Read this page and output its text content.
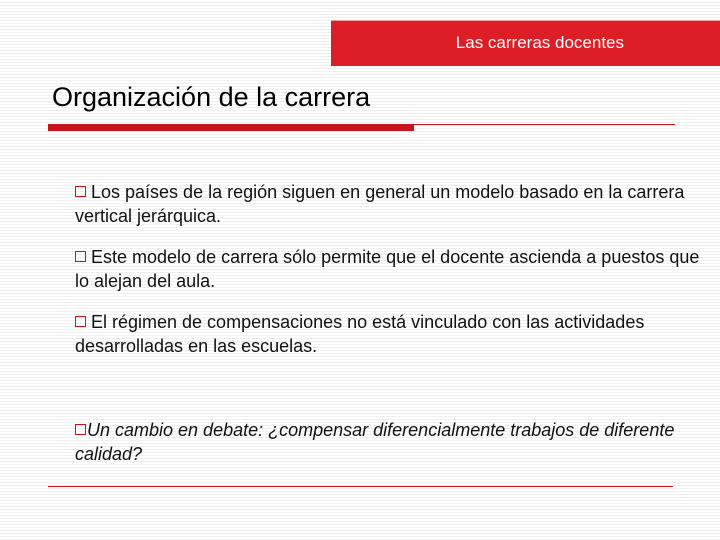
Las carreras docentes
Organización de la carrera
Los países de la región siguen en general un modelo basado en la carrera vertical jerárquica.
Este modelo de carrera sólo permite que el docente ascienda a puestos que lo alejan del aula.
El régimen de compensaciones no está vinculado con las actividades desarrolladas en las escuelas.
Un cambio en debate: ¿compensar diferencialmente trabajos de diferente calidad?
